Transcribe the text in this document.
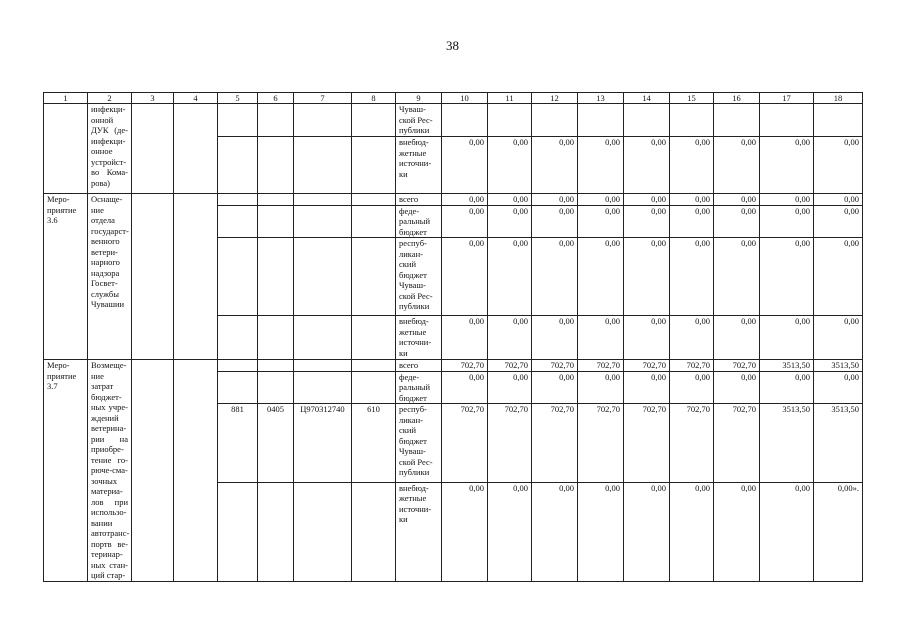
38
1	2	3	4	5	6	7	8	9	10	11	12	13	14	15	16	17	18
	инфекци-онной ДУК (де-инфекци-онное устройст-во Кома-рова)							Чуваш-ской Рес-публики									
								внебюд-жетные источни-ки	0,00	0,00	0,00	0,00	0,00	0,00	0,00	0,00	0,00
Меро-приятие 3.6	Оснаще-ние отдела государст-венного ветери-нарного надзора Госвет-службы Чувашии							всего	0,00	0,00	0,00	0,00	0,00	0,00	0,00	0,00	0,00
								феде-ральный бюджет	0,00	0,00	0,00	0,00	0,00	0,00	0,00	0,00	0,00
								респуб-ликан-ский бюджет Чуваш-ской Рес-публики	0,00	0,00	0,00	0,00	0,00	0,00	0,00	0,00	0,00
								внебюд-жетные источни-ки	0,00	0,00	0,00	0,00	0,00	0,00	0,00	0,00	0,00
Меро-приятие 3.7	Возмеще-ние затрат бюджет-ных учре-ждений ветерина-рии на приобре-тение го-рюче-сма-зочных материа-лов при использо-вании автотранс-портв ве-теринар-ных стан-ций стар-							всего	702,70	702,70	702,70	702,70	702,70	702,70	702,70	3513,50	3513,50
								феде-ральный бюджет	0,00	0,00	0,00	0,00	0,00	0,00	0,00	0,00	0,00
				881	0405	Ц970312740	610	респуб-ликан-ский бюджет Чуваш-ской Рес-публики	702,70	702,70	702,70	702,70	702,70	702,70	702,70	3513,50	3513,50
								внебюд-жетные источни-ки	0,00	0,00	0,00	0,00	0,00	0,00	0,00	0,00	0,00».
